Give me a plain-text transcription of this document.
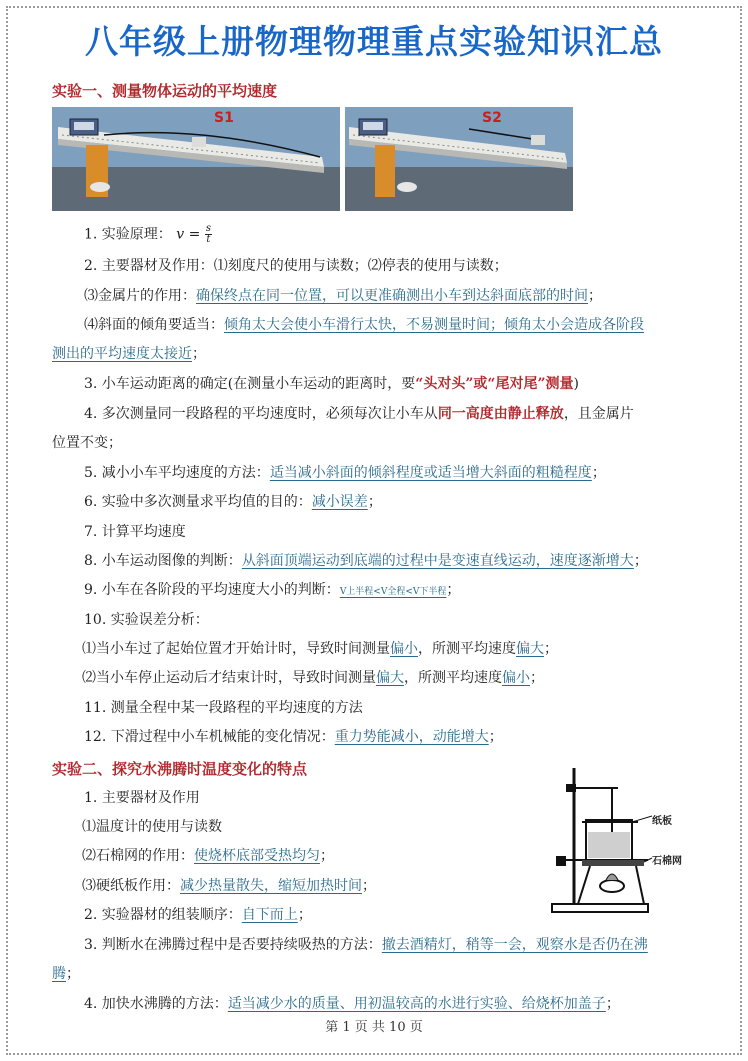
八年级上册物理物理重点实验知识汇总
实验一、测量物体运动的平均速度
S1	S2
1. 实验原理： $v = \frac{s}{t}$
2. 主要器材及作用：⑴刻度尺的使用与读数；⑵停表的使用与读数；
⑶金属片的作用：确保终点在同一位置，可以更准确测出小车到达斜面底部的时间；
⑷斜面的倾角要适当：倾角太大会使小车滑行太快，不易测量时间；倾角太小会造成各阶段
测出的平均速度太接近；
3. 小车运动距离的确定(在测量小车运动的距离时，要“头对头”或“尾对尾”测量)
4. 多次测量同一段路程的平均速度时，必须每次让小车从同一高度由静止释放，且金属片
位置不变；
5. 减小小车平均速度的方法：适当减小斜面的倾斜程度或适当增大斜面的粗糙程度；
6. 实验中多次测量求平均值的目的：减小误差；
7. 计算平均速度
8. 小车运动图像的判断：从斜面顶端运动到底端的过程中是变速直线运动，速度逐渐增大；
9. 小车在各阶段的平均速度大小的判断：V上半程<V全程<V下半程；
10. 实验误差分析：
⑴当小车过了起始位置才开始计时，导致时间测量偏小，所测平均速度偏大；
⑵当小车停止运动后才结束计时，导致时间测量偏大，所测平均速度偏小；
11. 测量全程中某一段路程的平均速度的方法
12. 下滑过程中小车机械能的变化情况：重力势能减小，动能增大；
实验二、探究水沸腾时温度变化的特点
纸板
石棉网
1. 主要器材及作用
⑴温度计的使用与读数
⑵石棉网的作用：使烧杯底部受热均匀；
⑶硬纸板作用：减少热量散失，缩短加热时间；
2. 实验器材的组装顺序：自下而上；
3. 判断水在沸腾过程中是否要持续吸热的方法：撤去酒精灯，稍等一会，观察水是否仍在沸
腾；
4. 加快水沸腾的方法：适当减少水的质量、用初温较高的水进行实验、给烧杯加盖子；
第 1 页 共 10 页
